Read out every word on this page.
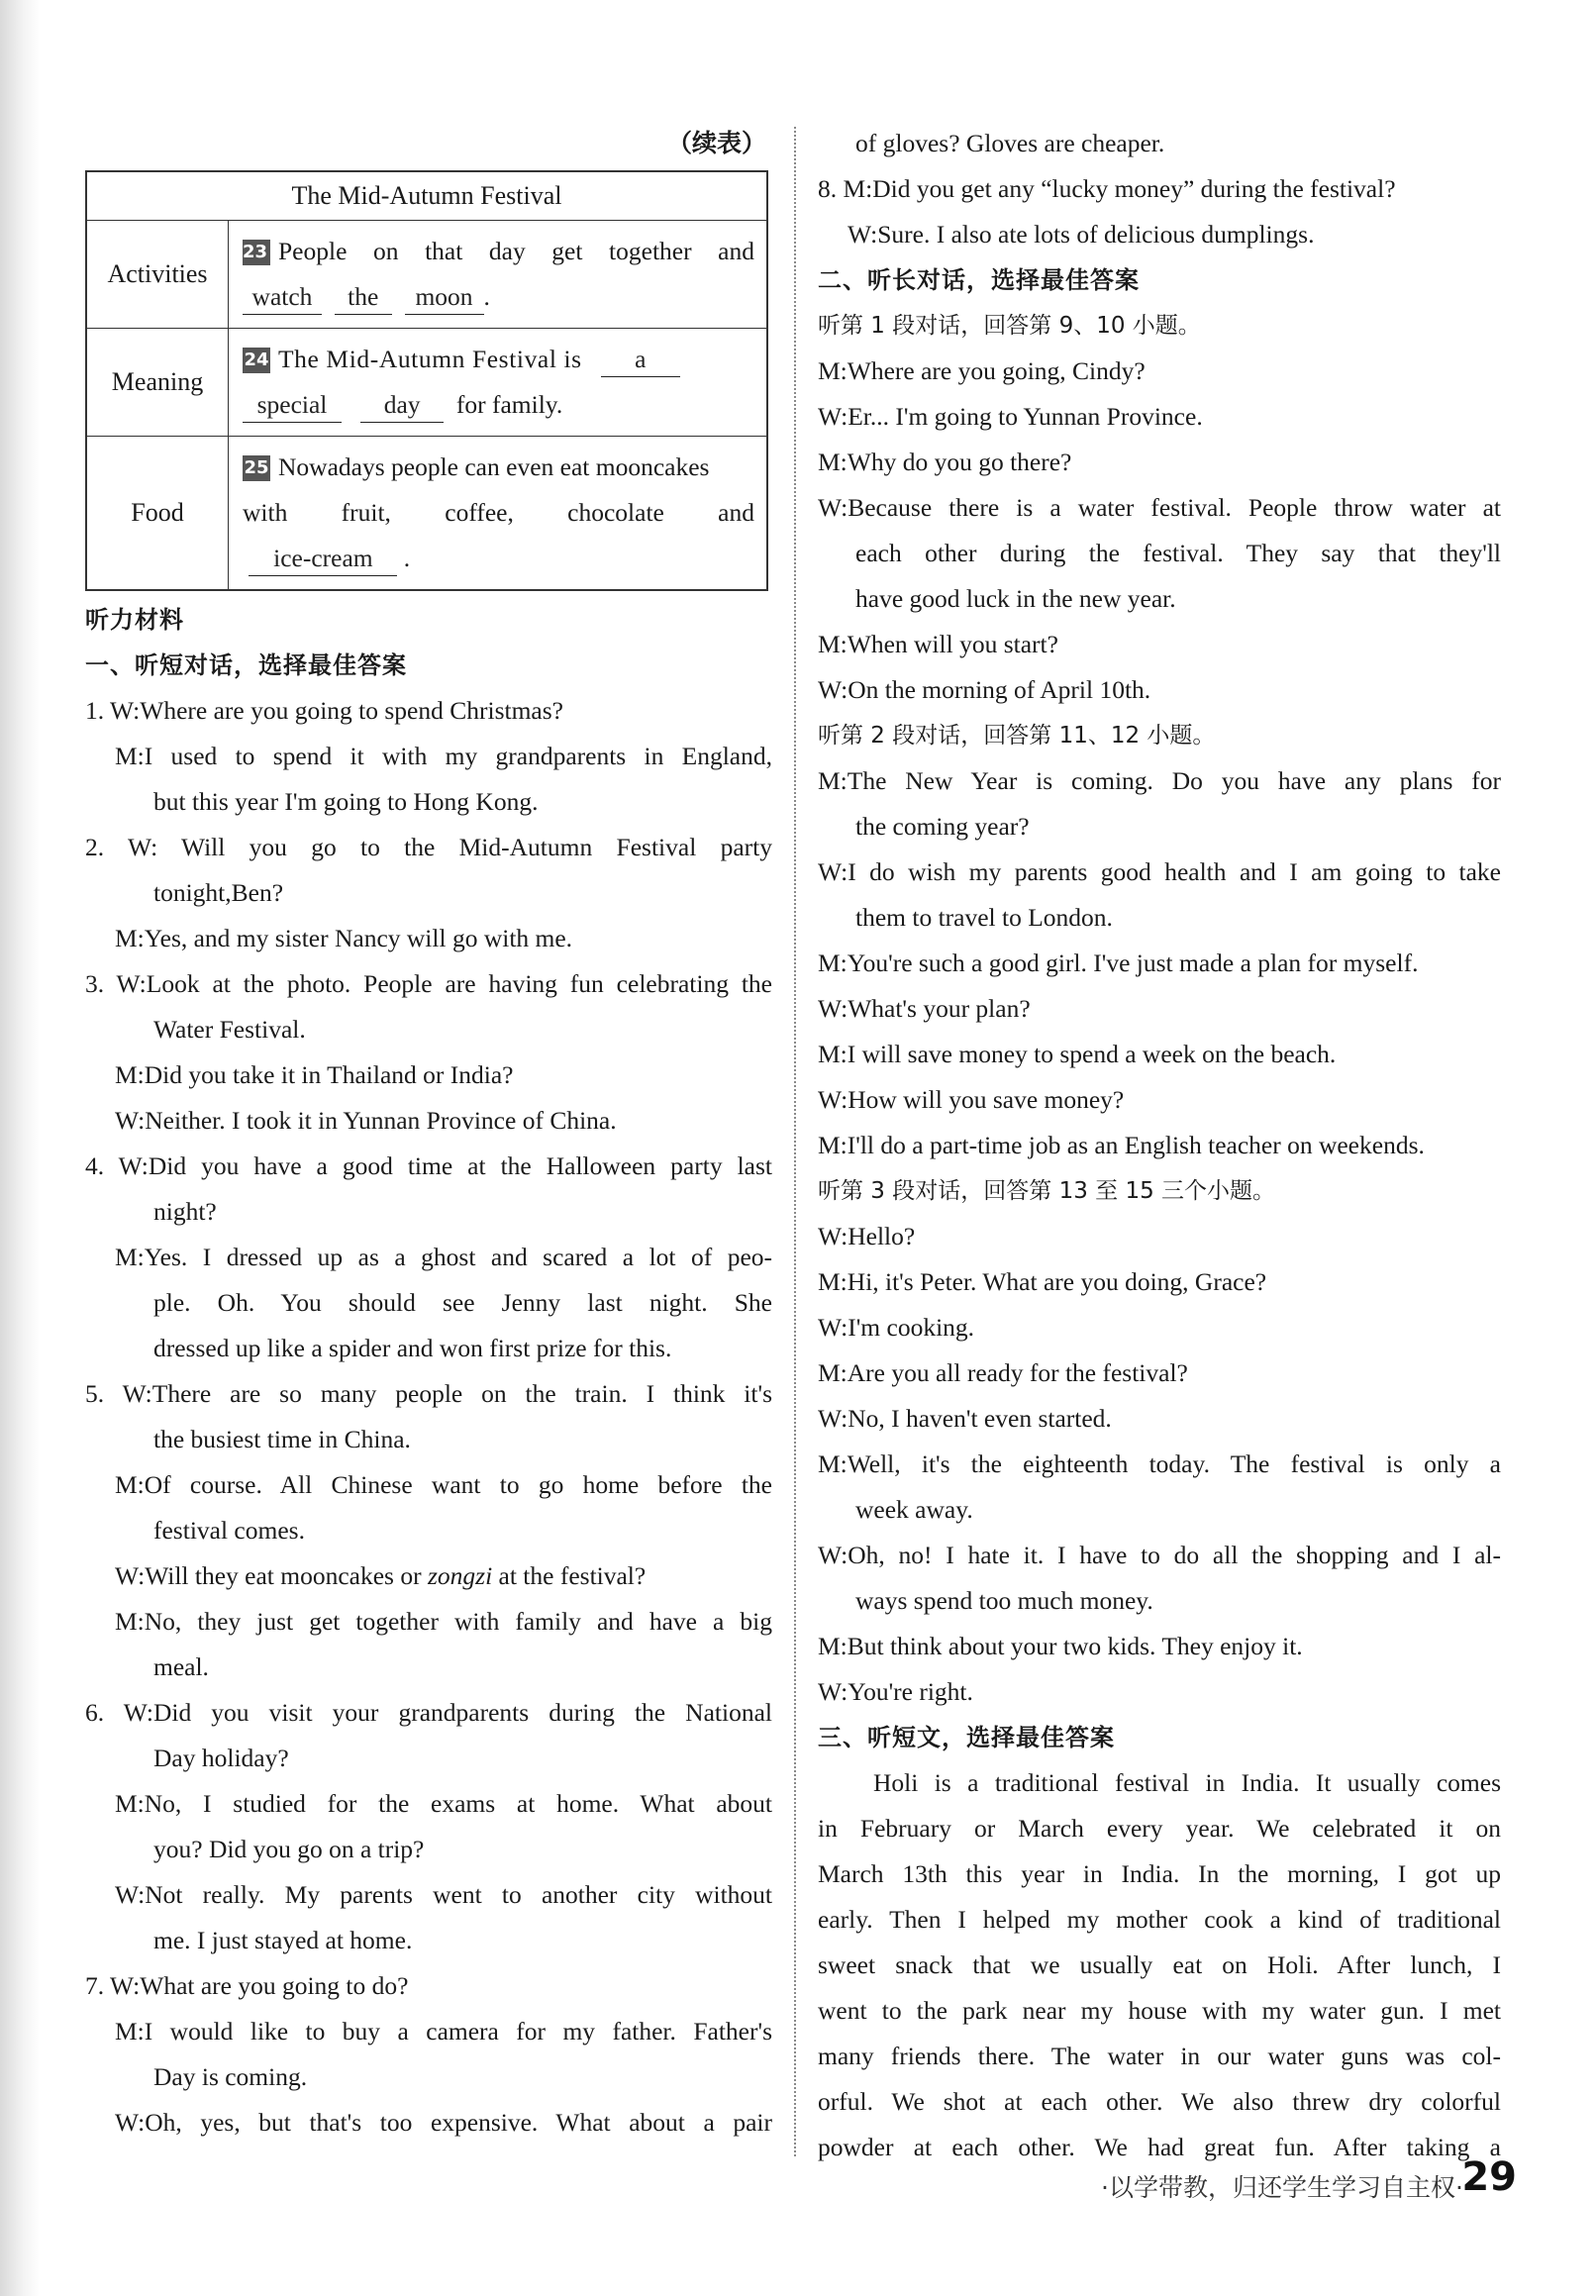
（续表）
The Mid-Autumn Festival	
Activities	23 People on that day get together and
watch the moon .

Meaning	24 The Mid-Autumn Festival is a
special day for family.

Food	25 Nowadays people can even eat mooncakes
with fruit, coffee, chocolate and
ice-cream .
听力材料
一、听短对话，选择最佳答案
1. W:Where are you going to spend Christmas?
M:I used to spend it with my grandparents in England,
but this year I'm going to Hong Kong.
2. W: Will you go to the Mid-Autumn Festival party
tonight,Ben?
M:Yes, and my sister Nancy will go with me.
3. W:Look at the photo. People are having fun celebrating the
Water Festival.
M:Did you take it in Thailand or India?
W:Neither. I took it in Yunnan Province of China.
4. W:Did you have a good time at the Halloween party last
night?
M:Yes. I dressed up as a ghost and scared a lot of peo-
ple. Oh. You should see Jenny last night. She
dressed up like a spider and won first prize for this.
5. W:There are so many people on the train. I think it's
the busiest time in China.
M:Of course. All Chinese want to go home before the
festival comes.
W:Will they eat mooncakes or zongzi at the festival?
M:No, they just get together with family and have a big
meal.
6. W:Did you visit your grandparents during the National
Day holiday?
M:No, I studied for the exams at home. What about
you? Did you go on a trip?
W:Not really. My parents went to another city without
me. I just stayed at home.
7. W:What are you going to do?
M:I would like to buy a camera for my father. Father's
Day is coming.
W:Oh, yes, but that's too expensive. What about a pair
of gloves? Gloves are cheaper.
8. M:Did you get any “lucky money” during the festival?
W:Sure. I also ate lots of delicious dumplings.
二、听长对话，选择最佳答案
听第 1 段对话，回答第 9、10 小题。
M:Where are you going, Cindy?
W:Er... I'm going to Yunnan Province.
M:Why do you go there?
W:Because there is a water festival. People throw water at
each other during the festival. They say that they'll
have good luck in the new year.
M:When will you start?
W:On the morning of April 10th.
听第 2 段对话，回答第 11、12 小题。
M:The New Year is coming. Do you have any plans for
the coming year?
W:I do wish my parents good health and I am going to take
them to travel to London.
M:You're such a good girl. I've just made a plan for myself.
W:What's your plan?
M:I will save money to spend a week on the beach.
W:How will you save money?
M:I'll do a part-time job as an English teacher on weekends.
听第 3 段对话，回答第 13 至 15 三个小题。
W:Hello?
M:Hi, it's Peter. What are you doing, Grace?
W:I'm cooking.
M:Are you all ready for the festival?
W:No, I haven't even started.
M:Well, it's the eighteenth today. The festival is only a
week away.
W:Oh, no! I hate it. I have to do all the shopping and I al-
ways spend too much money.
M:But think about your two kids. They enjoy it.
W:You're right.
三、听短文，选择最佳答案
Holi is a traditional festival in India. It usually comes
in February or March every year. We celebrated it on
March 13th this year in India. In the morning, I got up
early. Then I helped my mother cook a kind of traditional
sweet snack that we usually eat on Holi. After lunch, I
went to the park near my house with my water gun. I met
many friends there. The water in our water guns was col-
orful. We shot at each other. We also threw dry colorful
powder at each other. We had great fun. After taking a
·以学带教，归还学生学习自主权·
29
